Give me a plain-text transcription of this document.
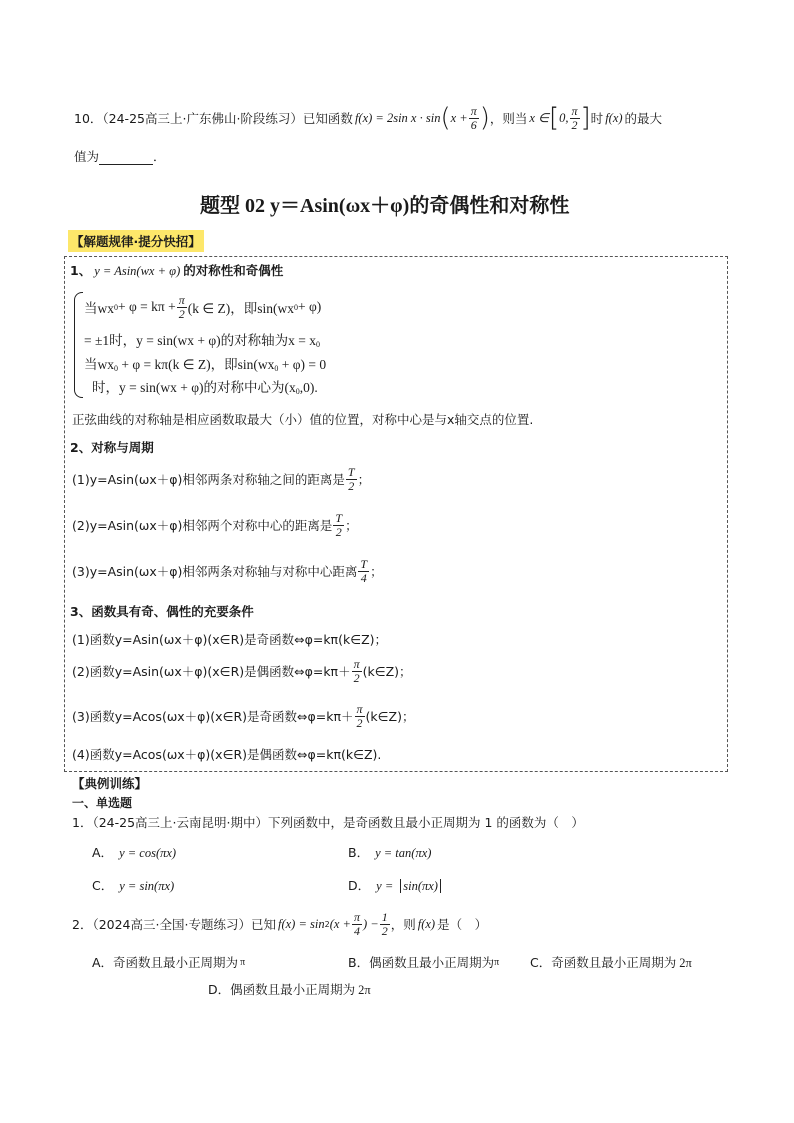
10．（24-25高三上·广东佛山·阶段练习）已知函数 f(x) = 2sin x · sin ( $x + \frac{\pi}{6}$ ) ，则当 x ∈ [ 0, $\frac{\pi}{2}$ ] 时 f(x) 的最大
值为	．
题型 02 y＝Asin(ωx＋φ)的奇偶性和对称性
【解题规律·提分快招】
1、 y = Asin(wx + φ) 的对称性和奇偶性
当wx $0 + \varphi = k\pi + \frac{\pi}{2} (k$ ∈ Z)，即sin(wx 0 + φ)
= ±1时，y = sin(wx + φ)的对称轴为$x = x_0$
当$wx_0 + \varphi = k\pi(k$ ∈ Z)，即$\sin(wx_0 + \varphi) = 0$
时，y = sin(wx + φ)的对称中心为$(x_0,0)$.
正弦曲线的对称轴是相应函数取最大（小）值的位置，对称中心是与x轴交点的位置.
2、对称与周期
(1)y=Asin(ωx＋φ)相邻两条对称轴之间的距离是 $\frac{T}{2}$ ；
(2)y=Asin(ωx＋φ)相邻两个对称中心的距离是 $\frac{T}{2}$ ；
(3)y=Asin(ωx＋φ)相邻两条对称轴与对称中心距离 $\frac{T}{4}$ ；
3、函数具有奇、偶性的充要条件
(1)函数y=Asin(ωx＋φ)(x∈R)是奇函数⇔φ=kπ(k∈Z)；
(2)函数y=Asin(ωx＋φ)(x∈R)是偶函数⇔φ=kπ＋ $\frac{\pi}{2}$ (k∈Z)；
(3)函数y=Acos(ωx＋φ)(x∈R)是奇函数⇔φ=kπ＋ $\frac{\pi}{2}$ (k∈Z)；
(4)函数y=Acos(ωx＋φ)(x∈R)是偶函数⇔φ=kπ(k∈Z).
【典例训练】
一、单选题
1．（24-25高三上·云南昆明·期中）下列函数中，是奇函数且最小正周期为 1 的函数为（　）
A． y = cos(πx)	B． y = tan(πx)
C． y = sin(πx)	D． y = sin(πx)
2．（2024高三·全国·专题练习）已知 f(x) = sin 2 ($x + \frac{\pi}{4}$ ) − $\frac{1}{2}$ ，则 f(x) 是（　）
A．奇函数且最小正周期为 π	B．偶函数且最小正周期为π C．奇函数且最小正周期为 2π
D．偶函数且最小正周期为 2π
